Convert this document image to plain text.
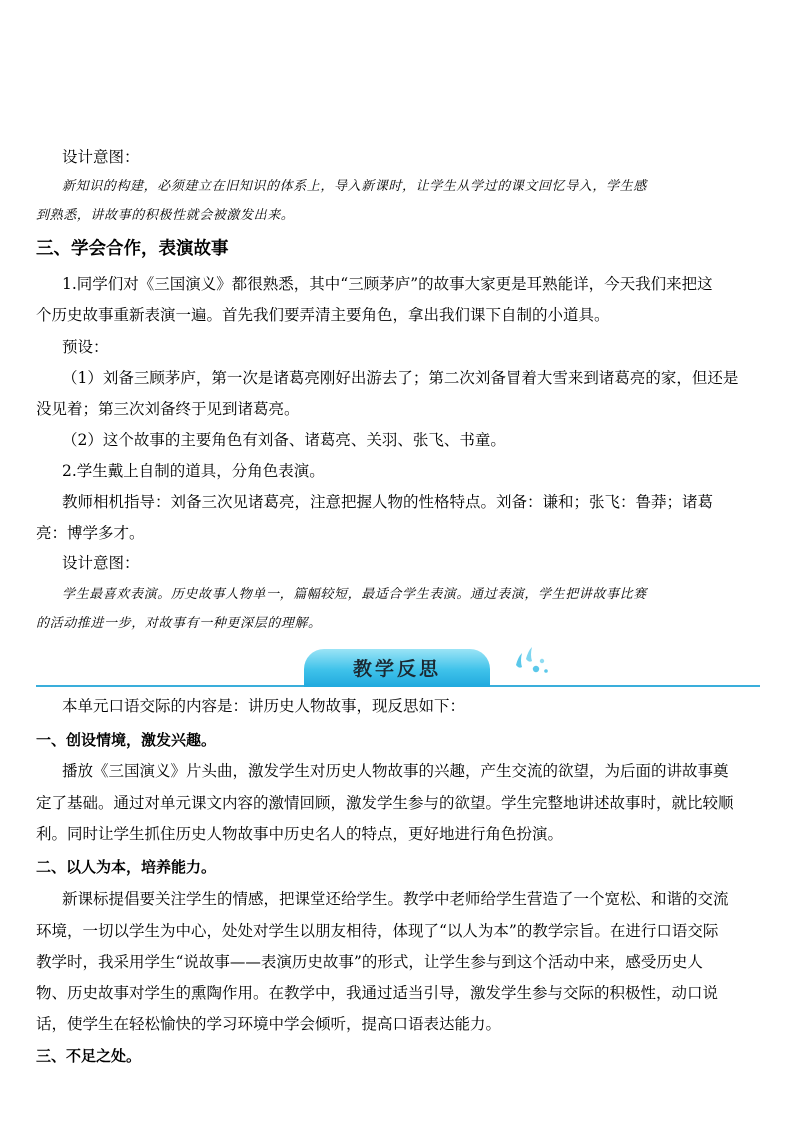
设计意图：
新知识的构建，必须建立在旧知识的体系上，导入新课时，让学生从学过的课文回忆导入，学生感
到熟悉，讲故事的积极性就会被激发出来。
三、学会合作，表演故事
1.同学们对《三国演义》都很熟悉，其中“三顾茅庐”的故事大家更是耳熟能详，今天我们来把这
个历史故事重新表演一遍。首先我们要弄清主要角色，拿出我们课下自制的小道具。
预设：
（1）刘备三顾茅庐，第一次是诸葛亮刚好出游去了；第二次刘备冒着大雪来到诸葛亮的家，但还是
没见着；第三次刘备终于见到诸葛亮。
（2）这个故事的主要角色有刘备、诸葛亮、关羽、张飞、书童。
2.学生戴上自制的道具，分角色表演。
教师相机指导：刘备三次见诸葛亮，注意把握人物的性格特点。刘备：谦和；张飞：鲁莽；诸葛
亮：博学多才。
设计意图：
学生最喜欢表演。历史故事人物单一，篇幅较短，最适合学生表演。通过表演，学生把讲故事比赛
的活动推进一步，对故事有一种更深层的理解。
教学反思
本单元口语交际的内容是：讲历史人物故事，现反思如下：
一、创设情境，激发兴趣。
播放《三国演义》片头曲，激发学生对历史人物故事的兴趣，产生交流的欲望，为后面的讲故事奠
定了基础。通过对单元课文内容的激情回顾，激发学生参与的欲望。学生完整地讲述故事时，就比较顺
利。同时让学生抓住历史人物故事中历史名人的特点，更好地进行角色扮演。
二、以人为本，培养能力。
新课标提倡要关注学生的情感，把课堂还给学生。教学中老师给学生营造了一个宽松、和谐的交流
环境，一切以学生为中心，处处对学生以朋友相待，体现了“以人为本”的教学宗旨。在进行口语交际
教学时，我采用学生“说故事——表演历史故事”的形式，让学生参与到这个活动中来，感受历史人
物、历史故事对学生的熏陶作用。在教学中，我通过适当引导，激发学生参与交际的积极性，动口说
话，使学生在轻松愉快的学习环境中学会倾听，提高口语表达能力。
三、不足之处。
